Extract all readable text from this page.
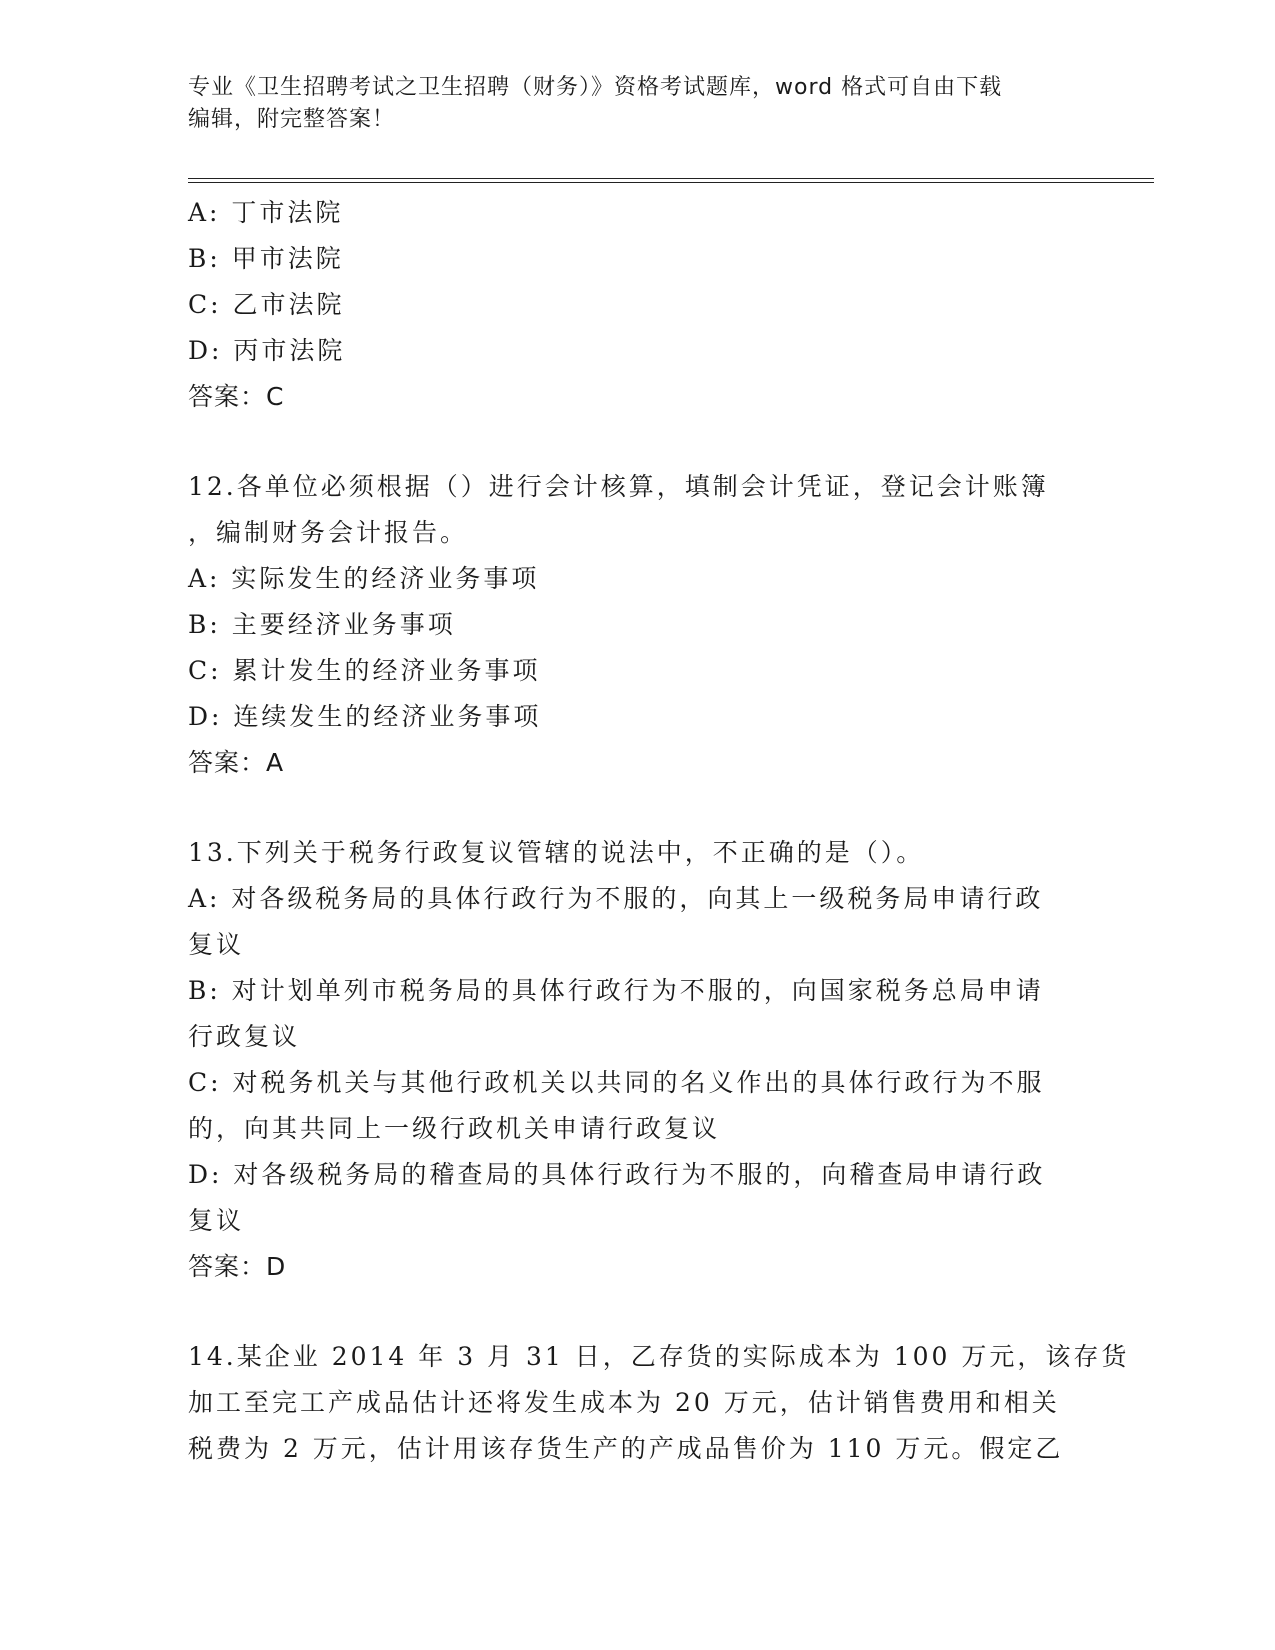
专业《卫生招聘考试之卫生招聘（财务）》资格考试题库，word 格式可自由下载
编辑，附完整答案！
A: 丁市法院
B: 甲市法院
C: 乙市法院
D: 丙市法院
答案：C
12.各单位必须根据（）进行会计核算，填制会计凭证，登记会计账簿
，编制财务会计报告。
A: 实际发生的经济业务事项
B: 主要经济业务事项
C: 累计发生的经济业务事项
D: 连续发生的经济业务事项
答案：A
13.下列关于税务行政复议管辖的说法中，不正确的是（）。
A: 对各级税务局的具体行政行为不服的，向其上一级税务局申请行政
复议
B: 对计划单列市税务局的具体行政行为不服的，向国家税务总局申请
行政复议
C: 对税务机关与其他行政机关以共同的名义作出的具体行政行为不服
的，向其共同上一级行政机关申请行政复议
D: 对各级税务局的稽查局的具体行政行为不服的，向稽查局申请行政
复议
答案：D
14.某企业 2014 年 3 月 31 日，乙存货的实际成本为 100 万元，该存货
加工至完工产成品估计还将发生成本为 20 万元，估计销售费用和相关
税费为 2 万元，估计用该存货生产的产成品售价为 110 万元。假定乙
